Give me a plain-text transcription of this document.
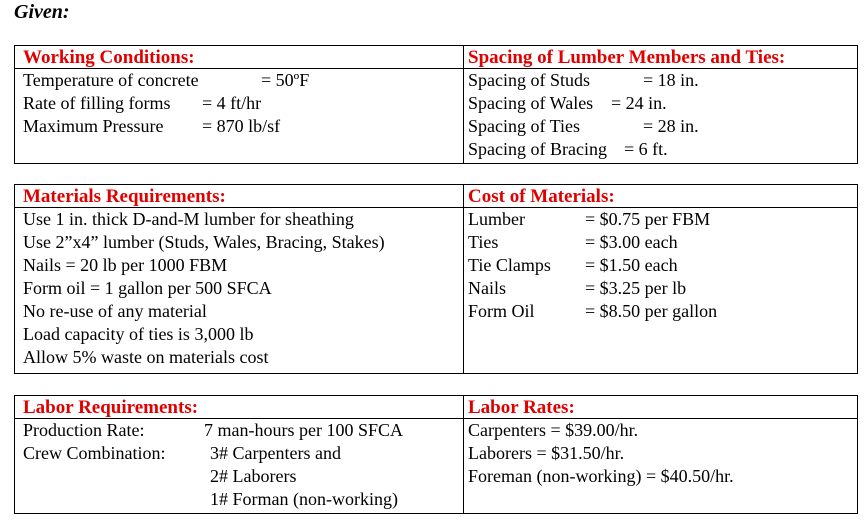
Given:
Working Conditions:
Temperature of concrete	= 50ºF
Rate of filling forms = 4 ft/hr
Maximum Pressure = 870 lb/sf
Spacing of Lumber Members and Ties:
Spacing of Studs	= 18 in.
Spacing of Wales = 24 in.
Spacing of Ties	= 28 in.
Spacing of Bracing = 6 ft.
Materials Requirements:
Use 1 in. thick D-and-M lumber for sheathing
Use 2”x4” lumber (Studs, Wales, Bracing, Stakes)
Nails = 20 lb per 1000 FBM
Form oil = 1 gallon per 500 SFCA
No re-use of any material
Load capacity of ties is 3,000 lb
Allow 5% waste on materials cost
Cost of Materials:
Lumber	= $0.75 per FBM
Ties	= $3.00 each
Tie Clamps = $1.50 each
Nails	= $3.25 per lb
Form Oil	= $8.50 per gallon
Labor Requirements:
Production Rate:	7 man-hours per 100 SFCA
Crew Combination: 3# Carpenters and
2# Laborers
1# Forman (non-working)
Labor Rates:
Carpenters = $39.00/hr.
Laborers = $31.50/hr.
Foreman (non-working) = $40.50/hr.
